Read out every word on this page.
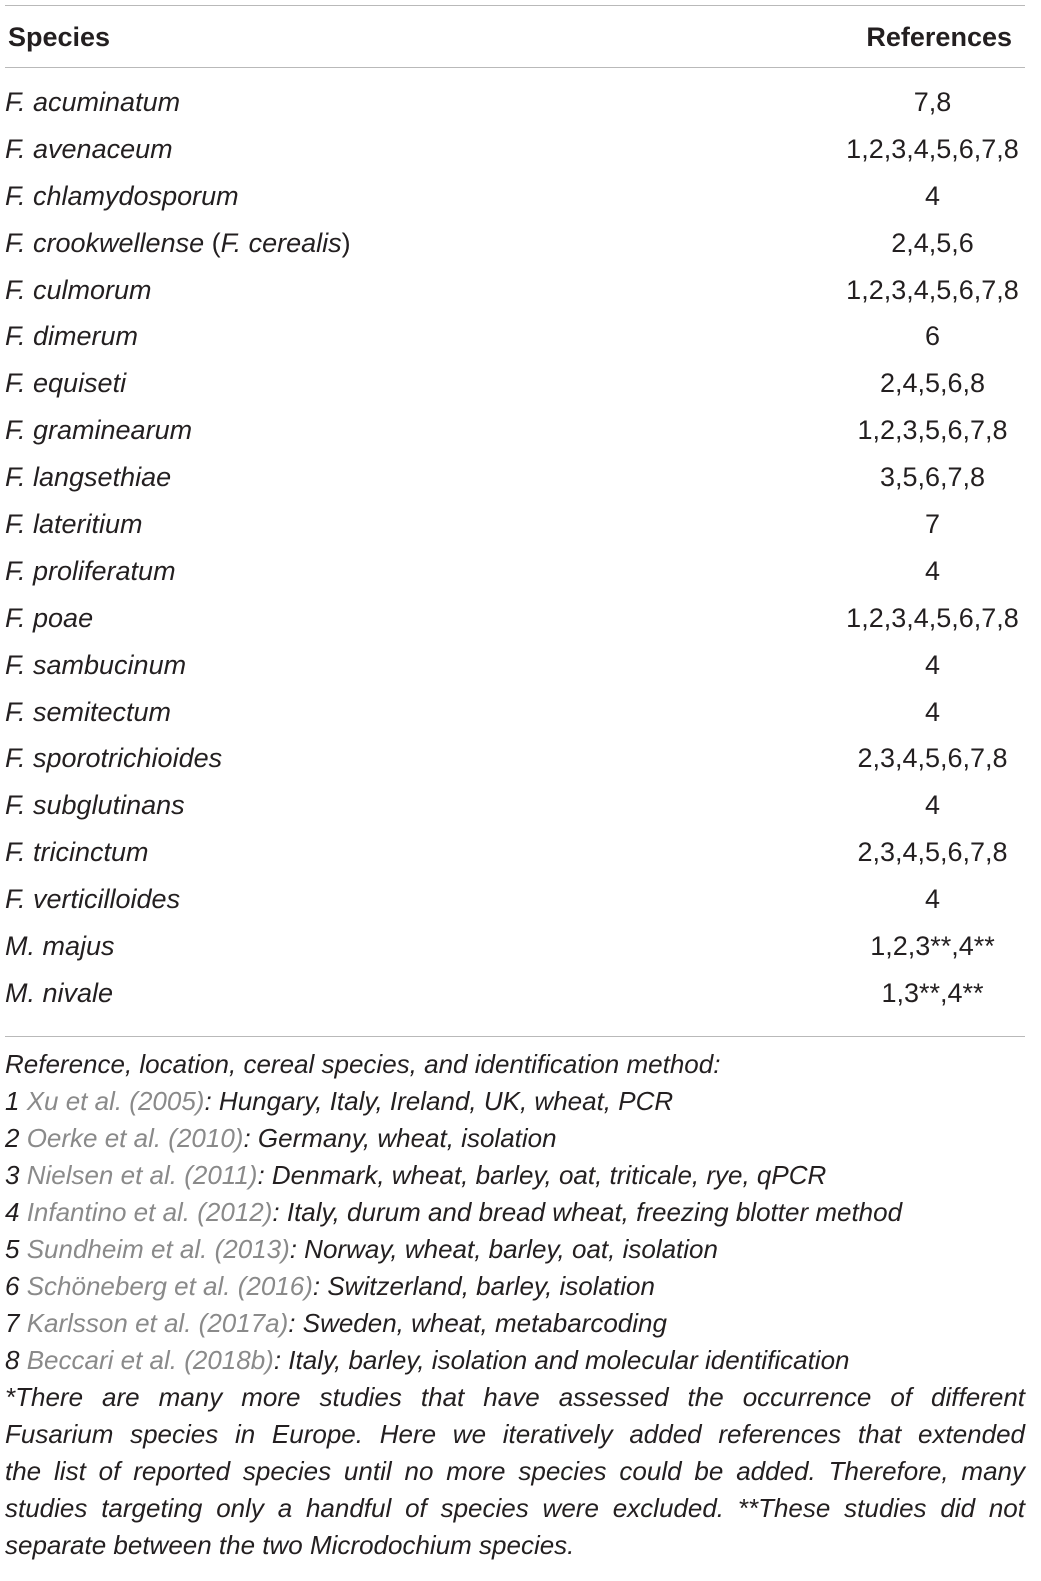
Species	References
F. acuminatum	7,8
F. avenaceum	1,2,3,4,5,6,7,8
F. chlamydosporum	4
F. crookwellense (F. cerealis)	2,4,5,6
F. culmorum	1,2,3,4,5,6,7,8
F. dimerum	6
F. equiseti	2,4,5,6,8
F. graminearum	1,2,3,5,6,7,8
F. langsethiae	3,5,6,7,8
F. lateritium	7
F. proliferatum	4
F. poae	1,2,3,4,5,6,7,8
F. sambucinum	4
F. semitectum	4
F. sporotrichioides	2,3,4,5,6,7,8
F. subglutinans	4
F. tricinctum	2,3,4,5,6,7,8
F. verticilloides	4
M. majus	1,2,3**,4**
M. nivale	1,3**,4**
Reference, location, cereal species, and identification method:
1 Xu et al. (2005): Hungary, Italy, Ireland, UK, wheat, PCR
2 Oerke et al. (2010): Germany, wheat, isolation
3 Nielsen et al. (2011): Denmark, wheat, barley, oat, triticale, rye, qPCR
4 Infantino et al. (2012): Italy, durum and bread wheat, freezing blotter method
5 Sundheim et al. (2013): Norway, wheat, barley, oat, isolation
6 Schöneberg et al. (2016): Switzerland, barley, isolation
7 Karlsson et al. (2017a): Sweden, wheat, metabarcoding
8 Beccari et al. (2018b): Italy, barley, isolation and molecular identification
*There are many more studies that have assessed the occurrence of different
Fusarium species in Europe. Here we iteratively added references that extended
the list of reported species until no more species could be added. Therefore, many
studies targeting only a handful of species were excluded. **These studies did not
separate between the two Microdochium species.
